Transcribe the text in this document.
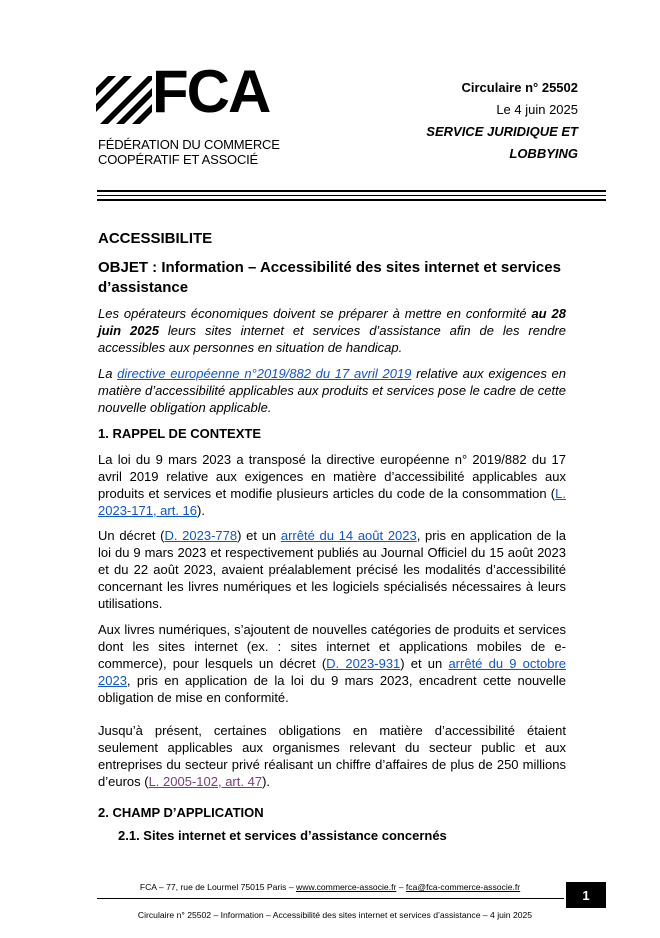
FCA
FÉDÉRATION DU COMMERCE
COOPÉRATIF ET ASSOCIÉ
Circulaire n° 25502
Le 4 juin 2025
SERVICE JURIDIQUE ET
LOBBYING
ACCESSIBILITE
OBJET : Information – Accessibilité des sites internet et services d’assistance
Les opérateurs économiques doivent se préparer à mettre en conformité au 28 juin 2025 leurs sites internet et services d’assistance afin de les rendre accessibles aux personnes en situation de handicap.
La directive européenne n°2019/882 du 17 avril 2019 relative aux exigences en matière d’accessibilité applicables aux produits et services pose le cadre de cette nouvelle obligation applicable.
1. RAPPEL DE CONTEXTE
La loi du 9 mars 2023 a transposé la directive européenne n° 2019/882 du 17 avril 2019 relative aux exigences en matière d’accessibilité applicables aux produits et services et modifie plusieurs articles du code de la consommation (L. 2023-171, art. 16).
Un décret (D. 2023-778) et un arrêté du 14 août 2023, pris en application de la loi du 9 mars 2023 et respectivement publiés au Journal Officiel du 15 août 2023 et du 22 août 2023, avaient préalablement précisé les modalités d’accessibilité concernant les livres numériques et les logiciels spécialisés nécessaires à leurs utilisations.
Aux livres numériques, s’ajoutent de nouvelles catégories de produits et services dont les sites internet (ex. : sites internet et applications mobiles de e-commerce), pour lesquels un décret (D. 2023-931) et un arrêté du 9 octobre 2023, pris en application de la loi du 9 mars 2023, encadrent cette nouvelle obligation de mise en conformité.
Jusqu’à présent, certaines obligations en matière d’accessibilité étaient seulement applicables aux organismes relevant du secteur public et aux entreprises du secteur privé réalisant un chiffre d’affaires de plus de 250 millions d’euros (L. 2005-102, art. 47).
2. CHAMP D’APPLICATION
2.1. Sites internet et services d’assistance concernés
FCA – 77, rue de Lourmel 75015 Paris – www.commerce-associe.fr – fca@fca-commerce-associe.fr
1
Circulaire n° 25502 – Information – Accessibilité des sites internet et services d’assistance – 4 juin 2025
